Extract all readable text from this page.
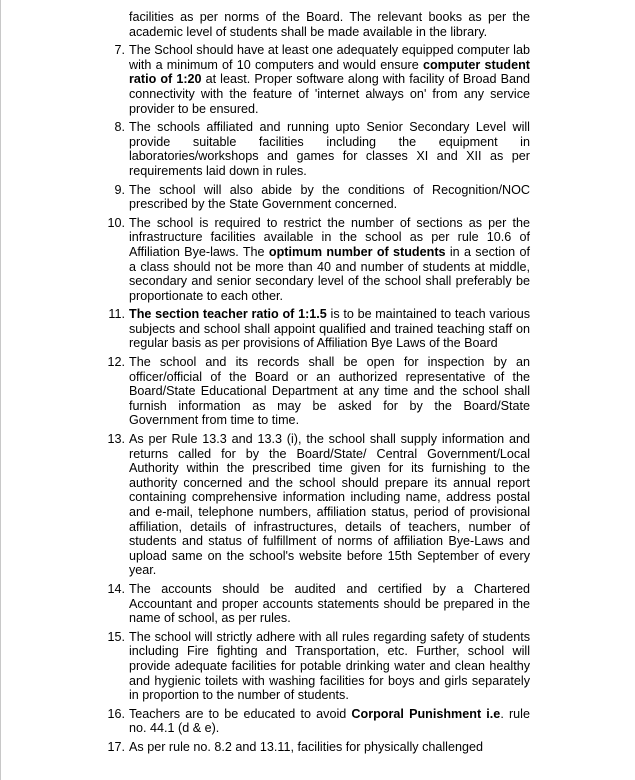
facilities as per norms of the Board. The relevant books as per the academic level of students shall be made available in the library.
7. The School should have at least one adequately equipped computer lab with a minimum of 10 computers and would ensure computer student ratio of 1:20 at least. Proper software along with facility of Broad Band connectivity with the feature of 'internet always on' from any service provider to be ensured.
8. The schools affiliated and running upto Senior Secondary Level will provide suitable facilities including the equipment in laboratories/workshops and games for classes XI and XII as per requirements laid down in rules.
9. The school will also abide by the conditions of Recognition/NOC prescribed by the State Government concerned.
10. The school is required to restrict the number of sections as per the infrastructure facilities available in the school as per rule 10.6 of Affiliation Bye-laws. The optimum number of students in a section of a class should not be more than 40 and number of students at middle, secondary and senior secondary level of the school shall preferably be proportionate to each other.
11. The section teacher ratio of 1:1.5 is to be maintained to teach various subjects and school shall appoint qualified and trained teaching staff on regular basis as per provisions of Affiliation Bye Laws of the Board
12. The school and its records shall be open for inspection by an officer/official of the Board or an authorized representative of the Board/State Educational Department at any time and the school shall furnish information as may be asked for by the Board/State Government from time to time.
13. As per Rule 13.3 and 13.3 (i), the school shall supply information and returns called for by the Board/State/ Central Government/Local Authority within the prescribed time given for its furnishing to the authority concerned and the school should prepare its annual report containing comprehensive information including name, address postal and e-mail, telephone numbers, affiliation status, period of provisional affiliation, details of infrastructures, details of teachers, number of students and status of fulfillment of norms of affiliation Bye-Laws and upload same on the school's website before 15th September of every year.
14. The accounts should be audited and certified by a Chartered Accountant and proper accounts statements should be prepared in the name of school, as per rules.
15. The school will strictly adhere with all rules regarding safety of students including Fire fighting and Transportation, etc. Further, school will provide adequate facilities for potable drinking water and clean healthy and hygienic toilets with washing facilities for boys and girls separately in proportion to the number of students.
16. Teachers are to be educated to avoid Corporal Punishment i.e. rule no. 44.1 (d & e).
17. As per rule no. 8.2 and 13.11, facilities for physically challenged
